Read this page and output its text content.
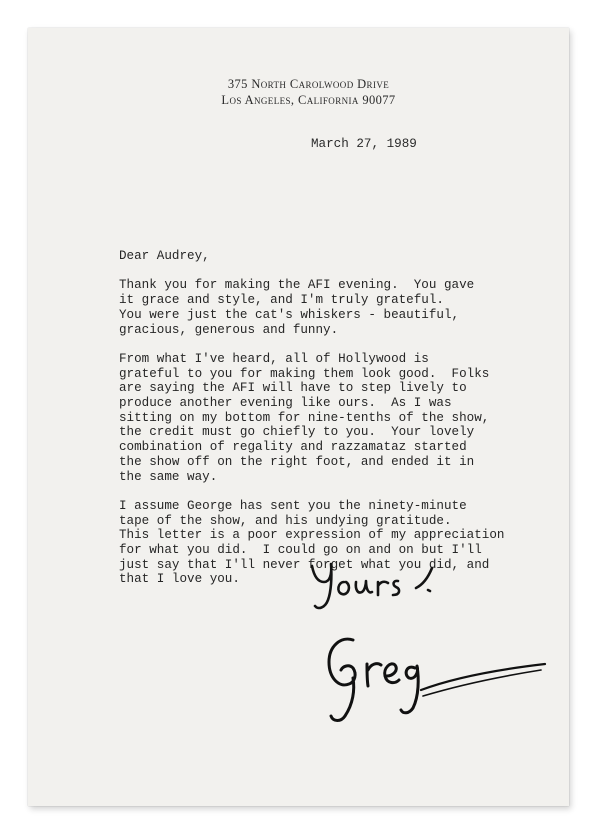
375 North Carolwood Drive
Los Angeles, California 90077
March 27, 1989
Dear Audrey,
Thank you for making the AFI evening.  You gave
it grace and style, and I'm truly grateful.
You were just the cat's whiskers - beautiful,
gracious, generous and funny.
From what I've heard, all of Hollywood is
grateful to you for making them look good.  Folks
are saying the AFI will have to step lively to
produce another evening like ours.  As I was
sitting on my bottom for nine-tenths of the show,
the credit must go chiefly to you.  Your lovely
combination of regality and razzamataz started
the show off on the right foot, and ended it in
the same way.
I assume George has sent you the ninety-minute
tape of the show, and his undying gratitude.
This letter is a poor expression of my appreciation
for what you did.  I could go on and on but I'll
just say that I'll never forget what you did, and
that I love you.
